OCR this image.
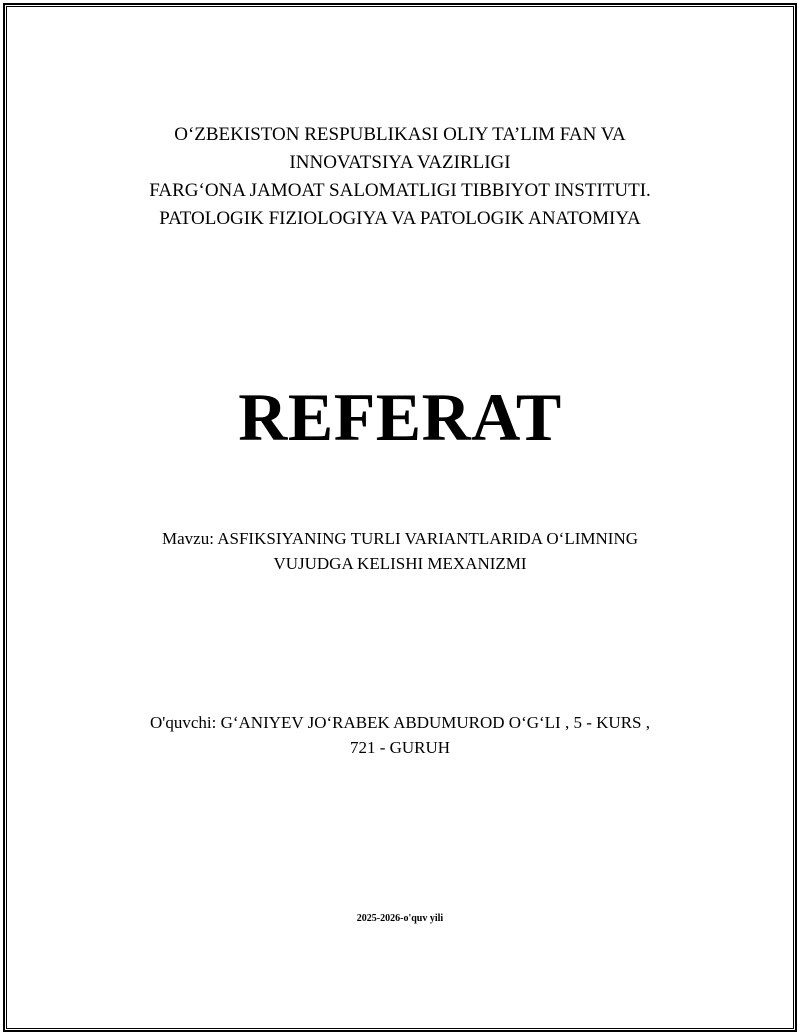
O‘ZBEKISTON RESPUBLIKASI OLIY TA’LIM FAN VA
INNOVATSIYA VAZIRLIGI
FARG‘ONA JAMOAT SALOMATLIGI TIBBIYOT INSTITUTI.
PATOLOGIK FIZIOLOGIYA VA PATOLOGIK ANATOMIYA
REFERAT
Mavzu: ASFIKSIYANING TURLI VARIANTLARIDA O‘LIMNING
VUJUDGA KELISHI MEXANIZMI
O'quvchi: G‘ANIYEV JO‘RABEK ABDUMUROD O‘G‘LI , 5 - KURS ,
721 - GURUH
2025-2026-o'quv yili
